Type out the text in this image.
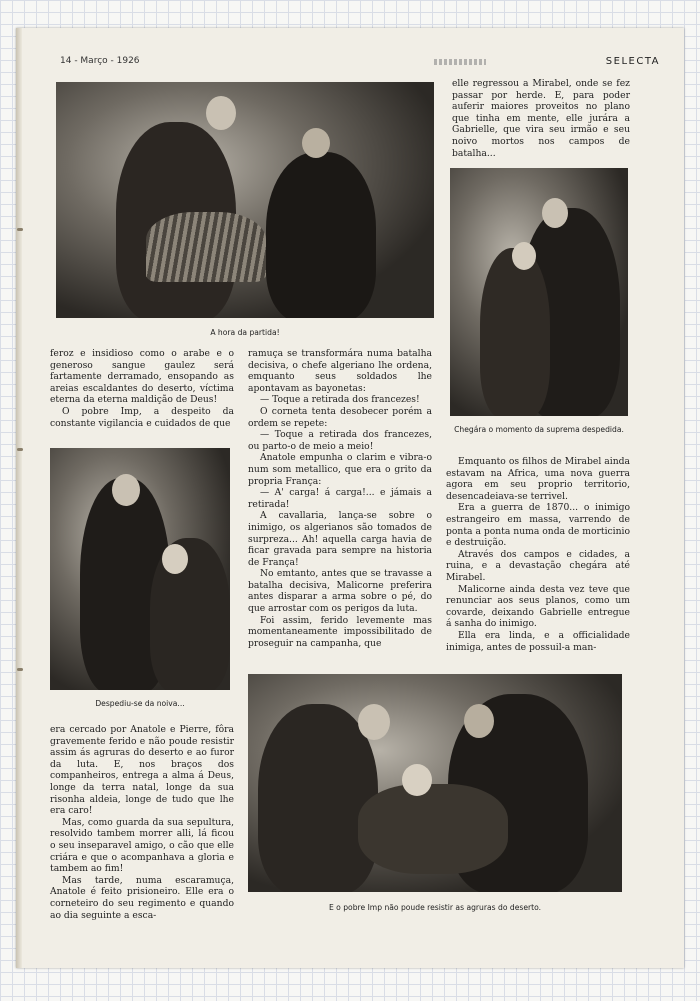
14 - Março - 1926	SELECTA
A hora da partida!

elle regressou a Mirabel, onde se fez passar por herde. E, para poder auferir maiores proveitos no plano que tinha em mente, elle jurára a Gabrielle, que vira seu irmão e seu noivo mortos nos campos de batalha...

Chegára o momento da suprema despedida.

feroz e insidioso como o arabe e o generoso sangue gaulez será fartamente derramado, ensopando as areias escaldantes do deserto, víctima eterna da eterna maldição de Deus!

O pobre Imp, a despeito da constante vigilancia e cuidados de que

Despediu-se da noiva...

ramuça se transformára numa batalha decisiva, o chefe algeriano lhe ordena, emquanto seus soldados lhe apontavam as bayonetas:

— Toque a retirada dos francezes!

O corneta tenta desobecer porém a ordem se repete:

— Toque a retirada dos francezes, ou parto-o de meio a meio!

Anatole empunha o clarim e vibra-o num som metallico, que era o grito da propria França:

— A' carga! á carga!... e jámais a retirada!

A cavallaria, lança-se sobre o inimigo, os algerianos são tomados de surpreza... Ah! aquella carga havia de ficar gravada para sempre na historia de França!

No emtanto, antes que se travasse a batalha decisiva, Malicorne preferira antes disparar a arma sobre o pé, do que arrostar com os perigos da luta.

Foi assim, ferido levemente mas momentaneamente impossibilitado de proseguir na campanha, que

Emquanto os filhos de Mirabel ainda estavam na Africa, uma nova guerra agora em seu proprio territorio, desencadeiava-se terrivel.

Era a guerra de 1870... o inimigo estrangeiro em massa, varrendo de ponta a ponta numa onda de morticinio e destruição.

Através dos campos e cidades, a ruina, e a devastação chegára até Mirabel.

Malicorne ainda desta vez teve que renunciar aos seus planos, como um covarde, deixando Gabrielle entregue á sanha do inimigo.

Ella era linda, e a officialidade inimiga, antes de possuil-a man-

era cercado por Anatole e Pierre, fôra gravemente ferido e não poude resistir assim ás agruras do deserto e ao furor da luta. E, nos braços dos companheiros, entrega a alma á Deus, longe da terra natal, longe da sua risonha aldeia, longe de tudo que lhe era caro!

Mas, como guarda da sua sepultura, resolvido tambem morrer alli, lá ficou o seu inseparavel amigo, o cão que elle criára e que o acompanhava a gloria e tambem ao fim!

Mas tarde, numa escaramuça, Anatole é feito prisioneiro. Elle era o corneteiro do seu regimento e quando ao dia seguinte a esca-

E o pobre Imp não poude resistir as agruras do deserto.
